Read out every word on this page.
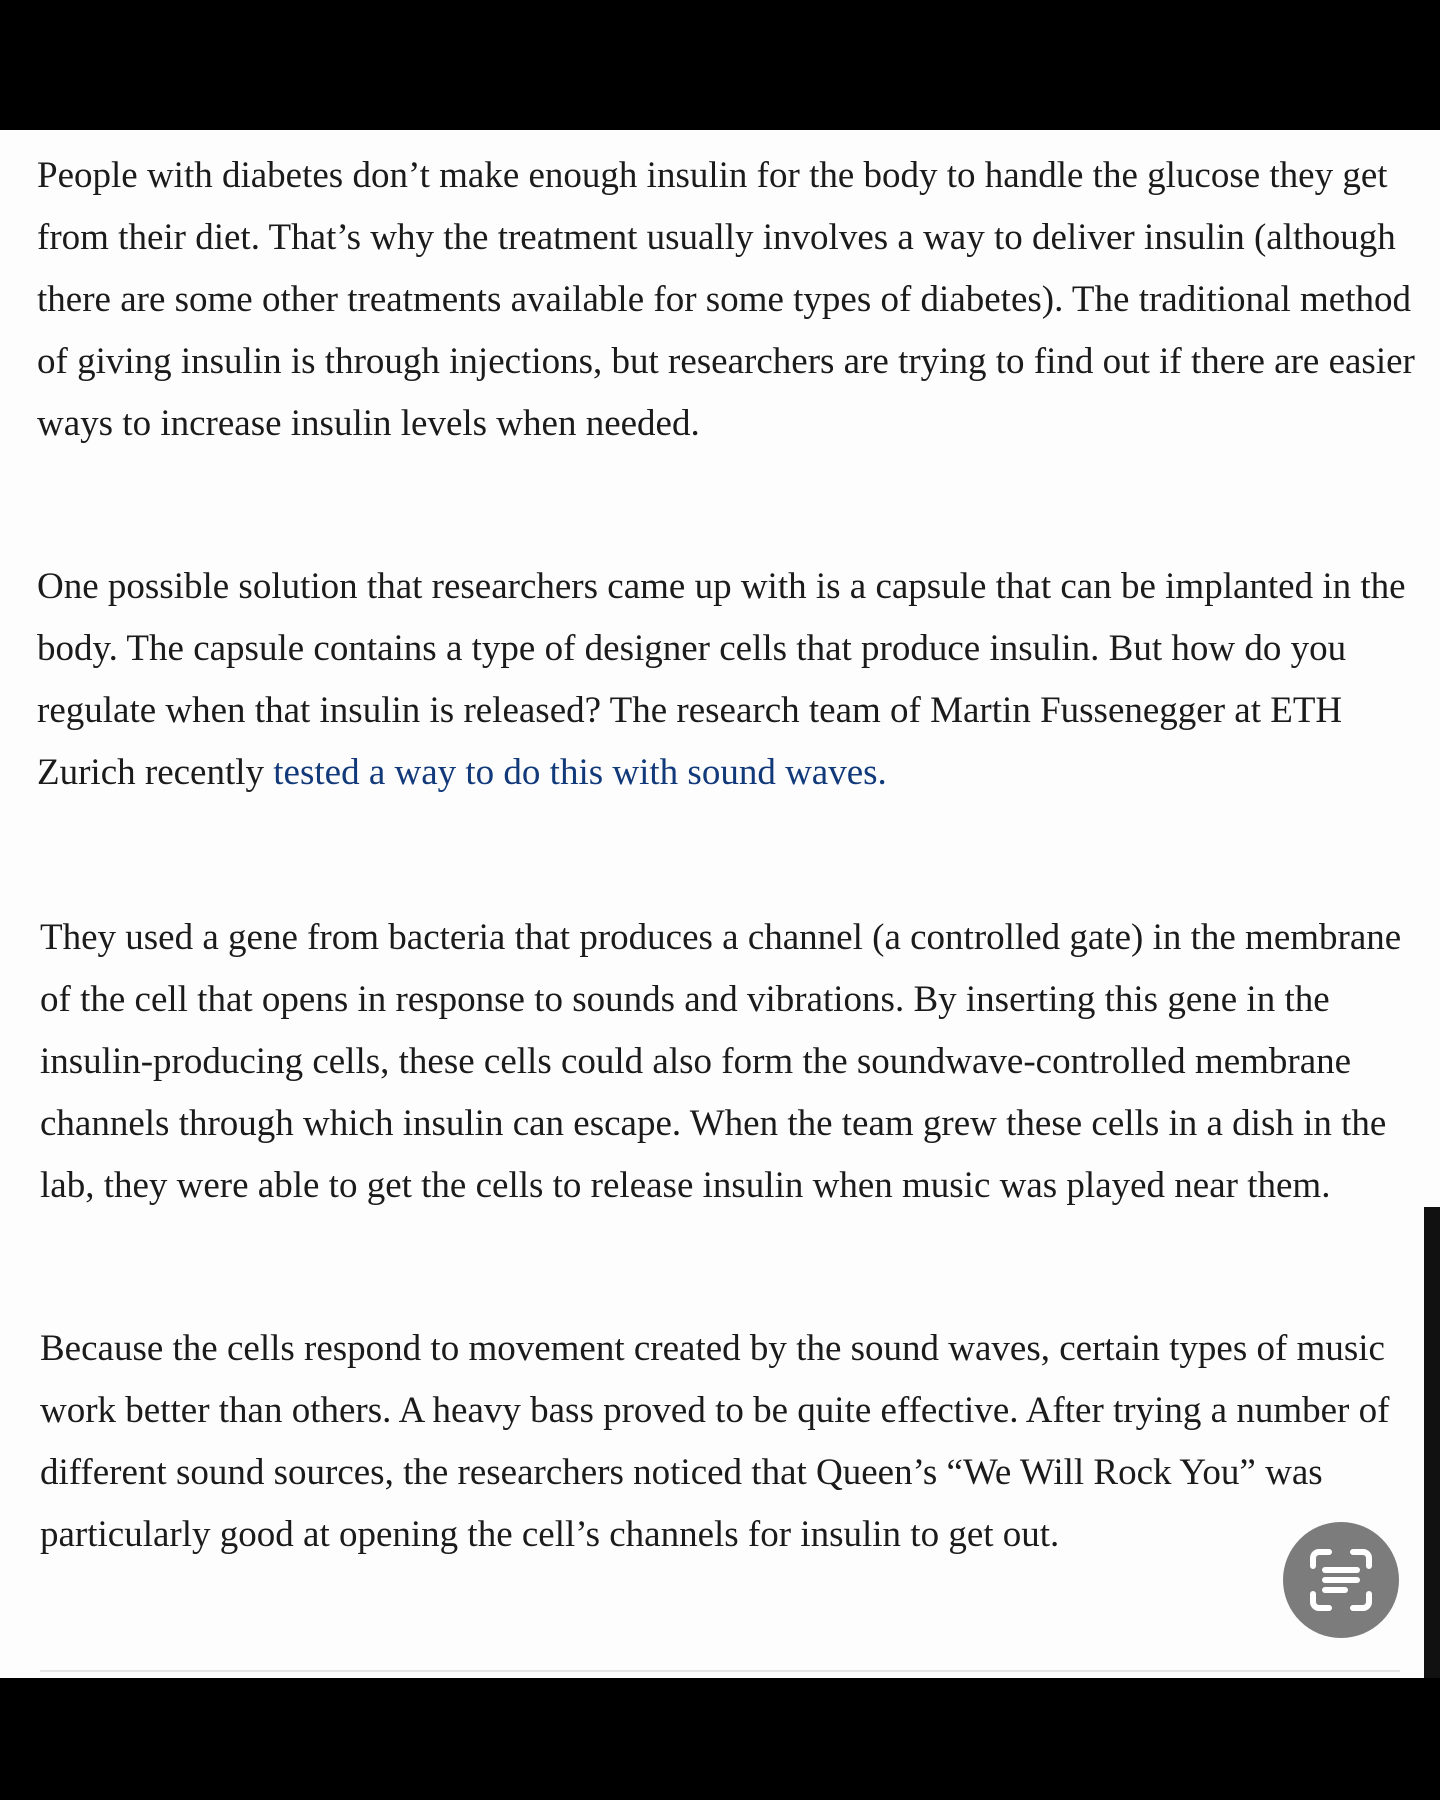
People with diabetes don’t make enough insulin for the body to handle the glucose they get from their diet. That’s why the treatment usually involves a way to deliver insulin (although there are some other treatments available for some types of diabetes). The traditional method of giving insulin is through injections, but researchers are trying to find out if there are easier ways to increase insulin levels when needed.

One possible solution that researchers came up with is a capsule that can be implanted in the body. The capsule contains a type of designer cells that produce insulin. But how do you regulate when that insulin is released? The research team of Martin Fussenegger at ETH Zurich recently tested a way to do this with sound waves.

They used a gene from bacteria that produces a channel (a controlled gate) in the membrane of the cell that opens in response to sounds and vibrations. By inserting this gene in the insulin-producing cells, these cells could also form the soundwave-controlled membrane channels through which insulin can escape. When the team grew these cells in a dish in the lab, they were able to get the cells to release insulin when music was played near them.

Because the cells respond to movement created by the sound waves, certain types of music work better than others. A heavy bass proved to be quite effective. After trying a number of different sound sources, the researchers noticed that Queen’s “We Will Rock You” was particularly good at opening the cell’s channels for insulin to get out.
